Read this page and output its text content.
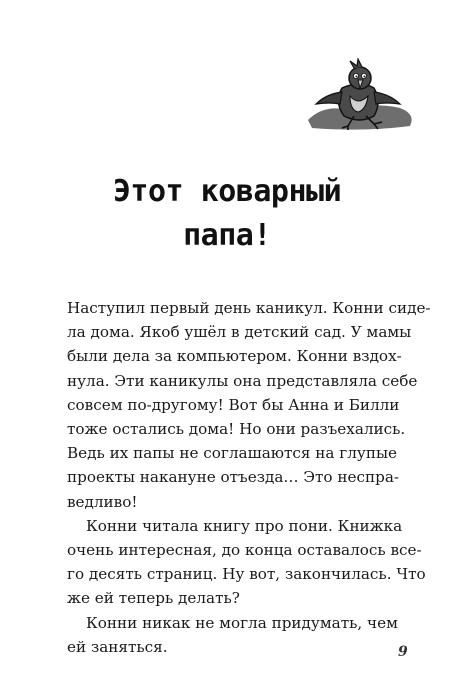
Этот коварный
папа!

Наступил первый день каникул. Конни сиде-
ла дома. Якоб ушёл в детский сад. У мамы
были дела за компьютером. Конни вздох-
нула. Эти каникулы она представляла себе
совсем по-другому! Вот бы Анна и Билли
тоже остались дома! Но они разъехались.
Ведь их папы не соглашаются на глупые
проекты накануне отъезда… Это неспра-
ведливо!

Конни читала книгу про пони. Книжка
очень интересная, до конца оставалось все-
го десять страниц. Ну вот, закончилась. Что
же ей теперь делать?

Конни никак не могла придумать, чем
ей заняться.	9
